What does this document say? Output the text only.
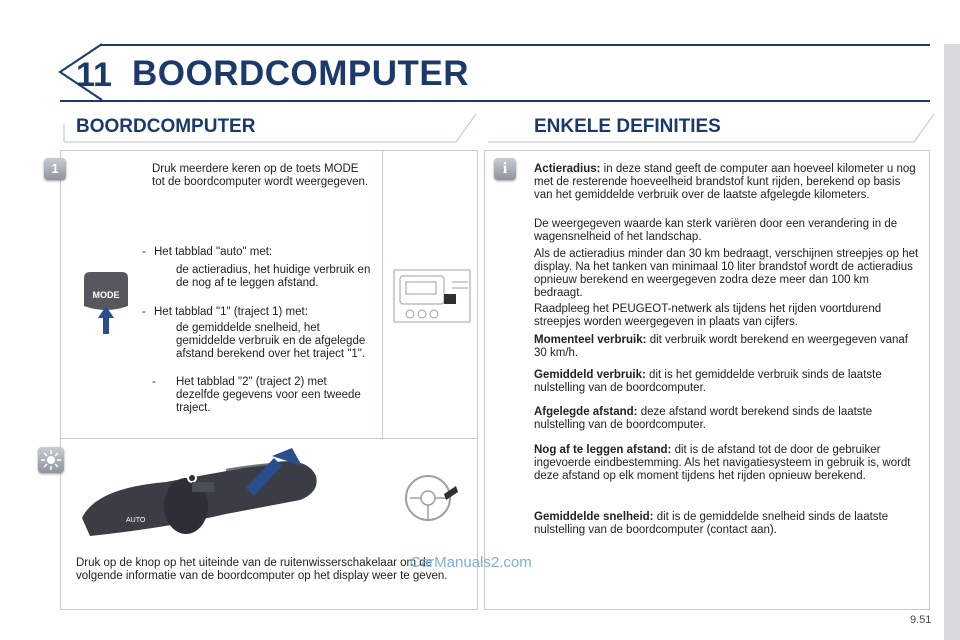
11 BOORDCOMPUTER
BOORDCOMPUTER
1	Druk meerdere keren op de toets MODE tot de boordcomputer wordt weergegeven.
MODE
- Het tabblad "auto" met:
de actieradius, het huidige verbruik en de nog af te leggen afstand.
- Het tabblad "1" (traject 1) met:
de gemiddelde snelheid, het gemiddelde verbruik en de afgelegde afstand berekend over het traject "1".
- Het tabblad "2" (traject 2) met dezelfde gegevens voor een tweede traject.
AUTO
Druk op de knop op het uiteinde van de ruitenwisserschakelaar om de volgende informatie van de boordcomputer op het display weer te geven.
ENKELE DEFINITIES
i	Actieradius: in deze stand geeft de computer aan hoeveel kilometer u nog met de resterende hoeveelheid brandstof kunt rijden, berekend op basis van het gemiddelde verbruik over de laatste afgelegde kilometers.
De weergegeven waarde kan sterk variëren door een verandering in de wagensnelheid of het landschap.
Als de actieradius minder dan 30 km bedraagt, verschijnen streepjes op het display. Na het tanken van minimaal 10 liter brandstof wordt de actieradius opnieuw berekend en weergegeven zodra deze meer dan 100 km bedraagt.
Raadpleeg het PEUGEOT-netwerk als tijdens het rijden voortdurend streepjes worden weergegeven in plaats van cijfers.
Momenteel verbruik: dit verbruik wordt berekend en weergegeven vanaf 30 km/h.
Gemiddeld verbruik: dit is het gemiddelde verbruik sinds de laatste nulstelling van de boordcomputer.
Afgelegde afstand: deze afstand wordt berekend sinds de laatste nulstelling van de boordcomputer.
Nog af te leggen afstand: dit is de afstand tot de door de gebruiker ingevoerde eindbestemming. Als het navigatiesysteem in gebruik is, wordt deze afstand op elk moment tijdens het rijden opnieuw berekend.
Gemiddelde snelheid: dit is de gemiddelde snelheid sinds de laatste nulstelling van de boordcomputer (contact aan).
CarManuals2.com
9.51
